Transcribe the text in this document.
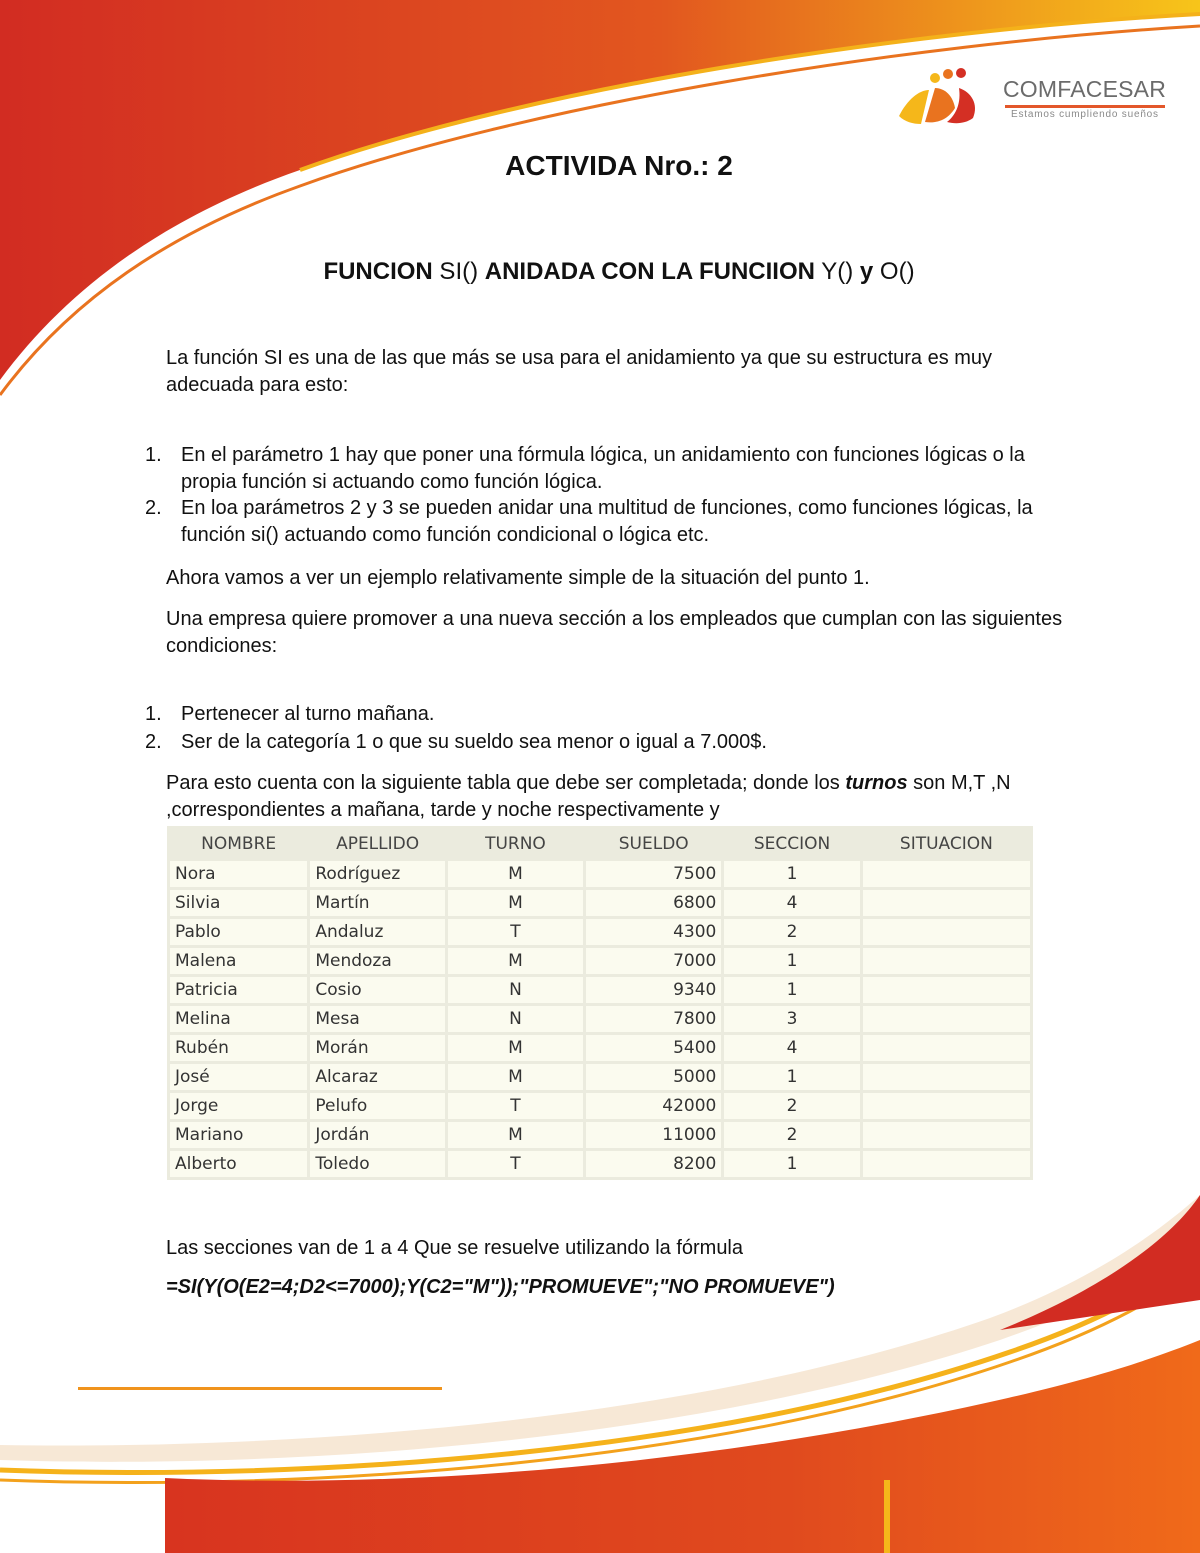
COMFACESAR
Estamos cumpliendo sueños
ACTIVIDA Nro.: 2
FUNCION SI() ANIDADA CON LA FUNCIION Y() y O()

La función SI es una de las que más se usa para el anidamiento ya que su estructura es muy adecuada para esto:

1. En el parámetro 1 hay que poner una fórmula lógica, un anidamiento con funciones lógicas o la propia función si actuando como función lógica.
2. En loa parámetros 2 y 3 se pueden anidar una multitud de funciones, como funciones lógicas, la función si() actuando como función condicional o lógica etc.

Ahora vamos a ver un ejemplo relativamente simple de la situación del punto 1.

Una empresa quiere promover a una nueva sección a los empleados que cumplan con las siguientes condiciones:

1. Pertenecer al turno mañana.
2. Ser de la categoría 1 o que su sueldo sea menor o igual a 7.000$.

Para esto cuenta con la siguiente tabla que debe ser completada; donde los turnos son M,T ,N ,correspondientes a mañana, tarde y noche respectivamente y

NOMBRE	APELLIDO	TURNO	SUELDO	SECCION	SITUACION
Nora	Rodríguez	M	7500	1	
Silvia	Martín	M	6800	4	
Pablo	Andaluz	T	4300	2	
Malena	Mendoza	M	7000	1	
Patricia	Cosio	N	9340	1	
Melina	Mesa	N	7800	3	
Rubén	Morán	M	5400	4	
José	Alcaraz	M	5000	1	
Jorge	Pelufo	T	42000	2	
Mariano	Jordán	M	11000	2	
Alberto	Toledo	T	8200	1	

Las secciones van de 1 a 4 Que se resuelve utilizando la fórmula

=SI(Y(O(E2=4;D2<=7000);Y(C2="M"));"PROMUEVE";"NO PROMUEVE")
